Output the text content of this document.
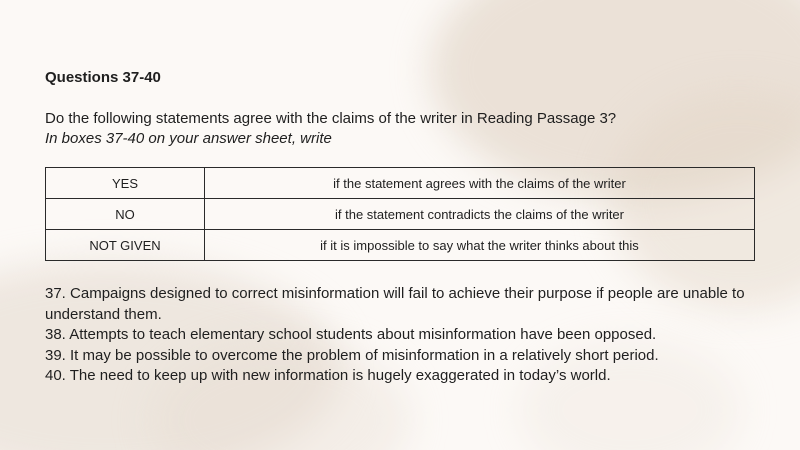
Questions 37-40

Do the following statements agree with the claims of the writer in Reading Passage 3?

In boxes 37-40 on your answer sheet, write

YES	if the statement agrees with the claims of the writer
NO	if the statement contradicts the claims of the writer
NOT GIVEN	if it is impossible to say what the writer thinks about this
37. Campaigns designed to correct misinformation will fail to achieve their purpose if people are unable to understand them.
38. Attempts to teach elementary school students about misinformation have been opposed.
39. It may be possible to overcome the problem of misinformation in a relatively short period.
40. The need to keep up with new information is hugely exaggerated in today’s world.
